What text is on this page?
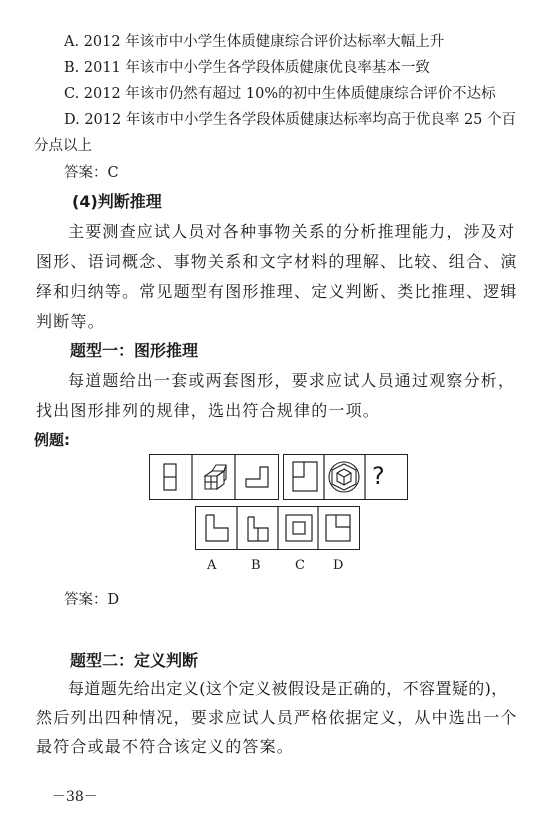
A. 2012 年该市中小学生体质健康综合评价达标率大幅上升
B. 2011 年该市中小学生各学段体质健康优良率基本一致
C. 2012 年该市仍然有超过 10%的初中生体质健康综合评价不达标
D. 2012 年该市中小学生各学段体质健康达标率均高于优良率 25 个百
分点以上
答案：C
(4)判断推理
主要测查应试人员对各种事物关系的分析推理能力，涉及对
图形、语词概念、事物关系和文字材料的理解、比较、组合、演
绎和归纳等。常见题型有图形推理、定义判断、类比推理、逻辑
判断等。
题型一：图形推理
每道题给出一套或两套图形，要求应试人员通过观察分析，
找出图形排列的规律，选出符合规律的一项。
例题:
?
A	B	C D
答案：D
题型二：定义判断
每道题先给出定义(这个定义被假设是正确的，不容置疑的)，
然后列出四种情况，要求应试人员严格依据定义，从中选出一个
最符合或最不符合该定义的答案。
－38－
